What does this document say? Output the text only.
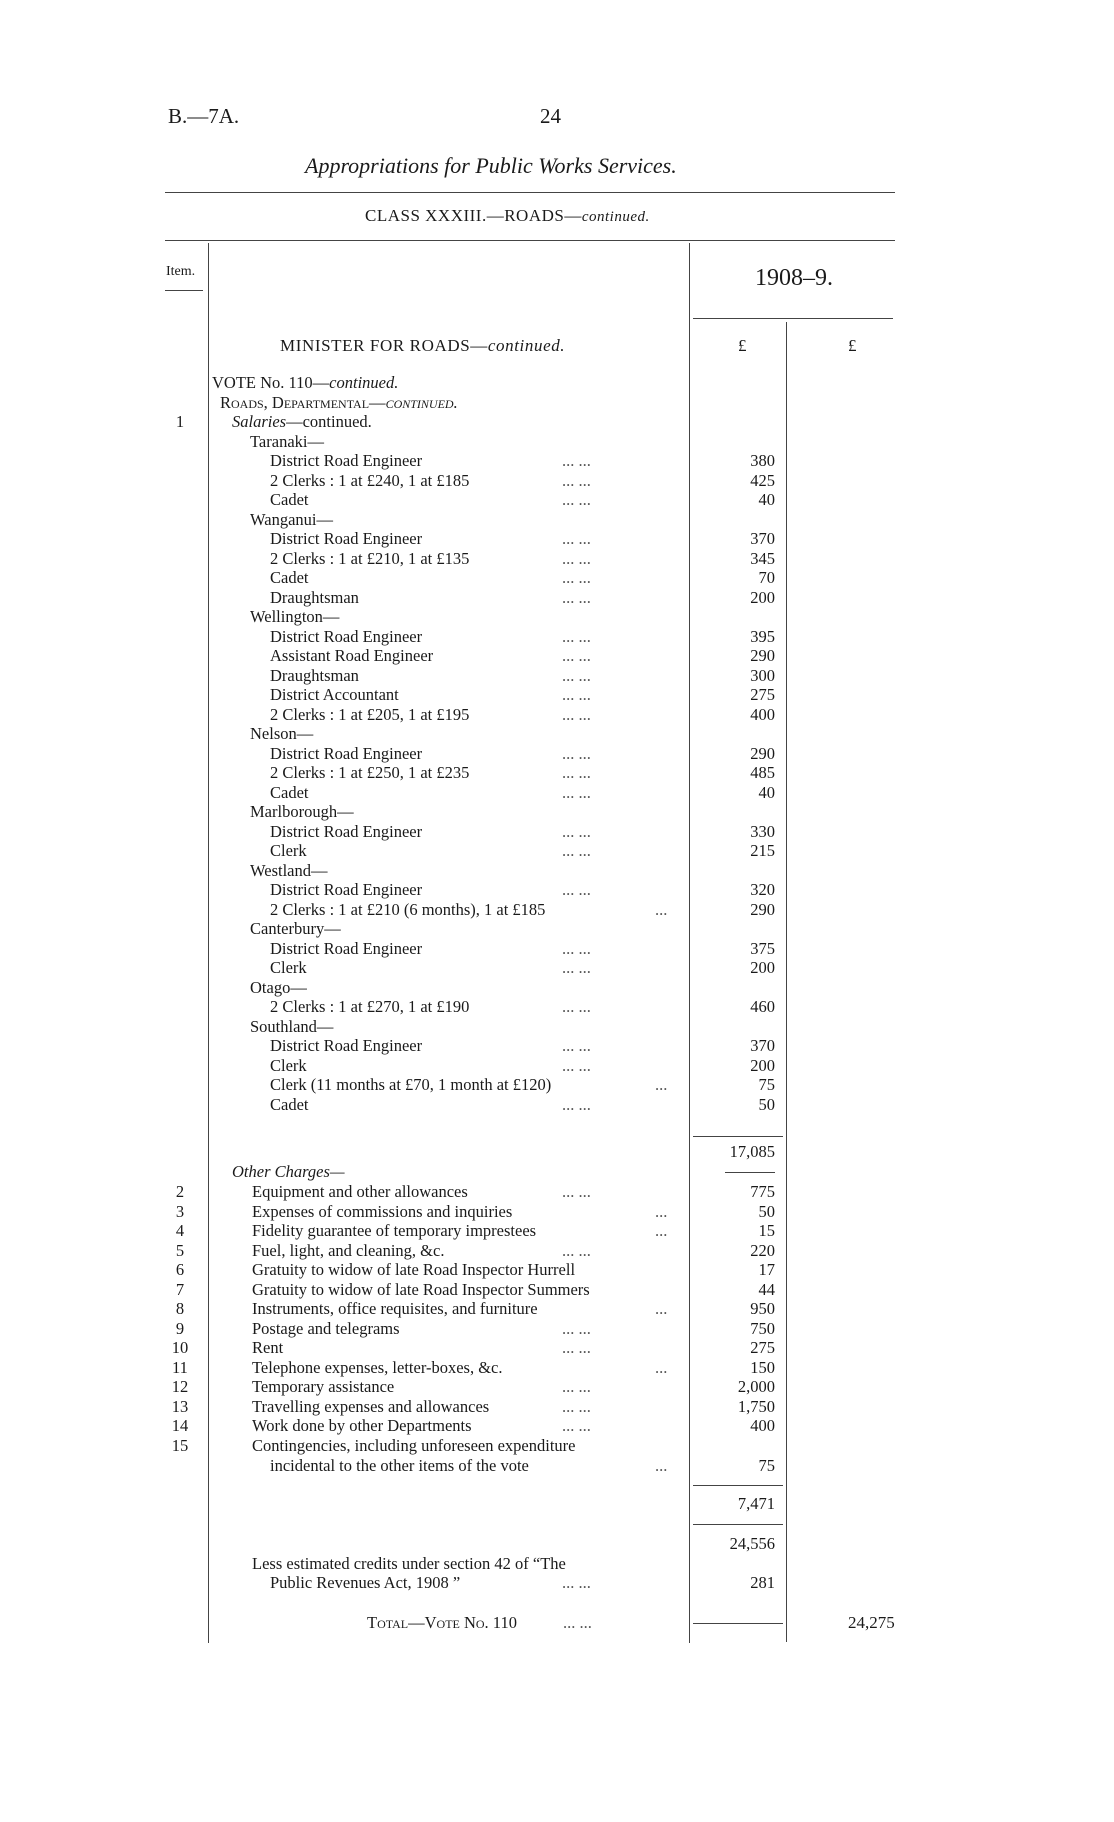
B.—7A.	24
Appropriations for Public Works Services.
CLASS XXXIII.—ROADS—continued.
Item.	1908–9.
MINISTER FOR ROADS—continued.	£	£
VOTE No. 110—continued.
Roads, Departmental—continued.
1	Salaries—continued.
Taranaki—
District Road Engineer	... ...	380
2 Clerks : 1 at £240, 1 at £185	... ...	425
Cadet	... ...	40
Wanganui—
District Road Engineer	... ...	370
2 Clerks : 1 at £210, 1 at £135	... ...	345
Cadet	... ...	70
Draughtsman	... ...	200
Wellington—
District Road Engineer	... ...	395
Assistant Road Engineer	... ...	290
Draughtsman	... ...	300
District Accountant	... ...	275
2 Clerks : 1 at £205, 1 at £195	... ...	400
Nelson—
District Road Engineer	... ...	290
2 Clerks : 1 at £250, 1 at £235	... ...	485
Cadet	... ...	40
Marlborough—
District Road Engineer	... ...	330
Clerk	... ...	215
Westland—
District Road Engineer	... ...	320
2 Clerks : 1 at £210 (6 months), 1 at £185	...	290
Canterbury—
District Road Engineer	... ...	375
Clerk	... ...	200
Otago—
2 Clerks : 1 at £270, 1 at £190	... ...	460
Southland—
District Road Engineer	... ...	370
Clerk	... ...	200
Clerk (11 months at £70, 1 month at £120)	...	75
Cadet	... ...	50
17,085
Other Charges—
2	Equipment and other allowances	... ...	775
3	Expenses of commissions and inquiries	...	50
4	Fidelity guarantee of temporary imprestees	...	15
5	Fuel, light, and cleaning, &c.	... ...	220
6	Gratuity to widow of late Road Inspector Hurrell	17
7	Gratuity to widow of late Road Inspector Summers	44
8	Instruments, office requisites, and furniture	...	950
9	Postage and telegrams	... ...	750
10	Rent	... ...	275
11	Telephone expenses, letter-boxes, &c.	...	150
12	Temporary assistance	... ...	2,000
13	Travelling expenses and allowances	... ...	1,750
14	Work done by other Departments	... ...	400
15	Contingencies, including unforeseen expenditure
incidental to the other items of the vote	...	75
7,471
24,556
Less estimated credits under section 42 of “The
Public Revenues Act, 1908 ”	... ...	281
Total—Vote No. 110	... ...	24,275
